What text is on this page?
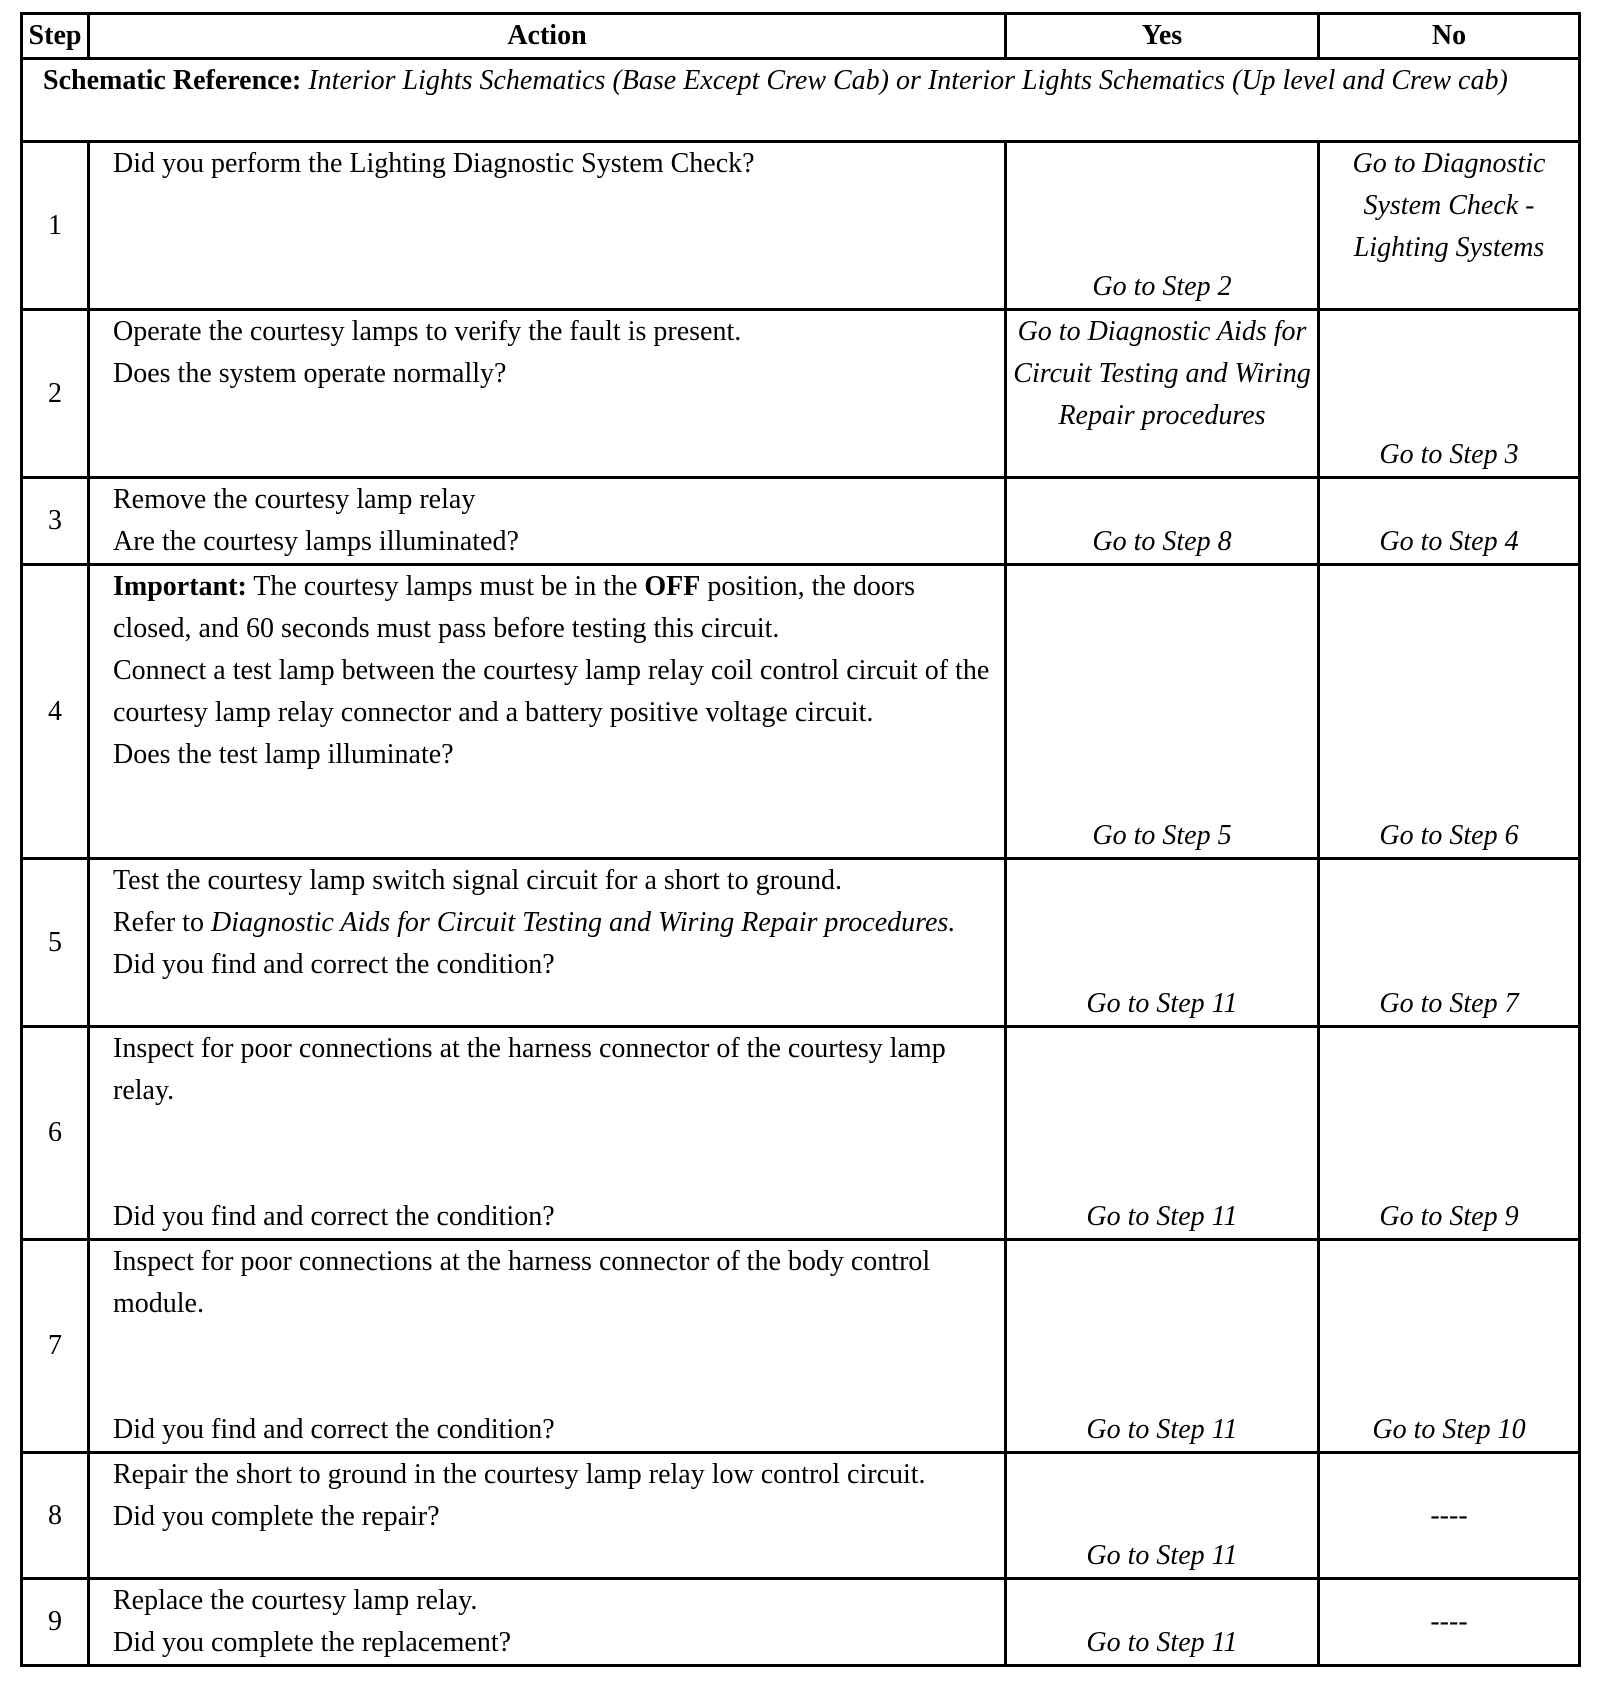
Step	Action	Yes	No
Schematic Reference: Interior Lights Schematics (Base Except Crew Cab) or Interior Lights Schematics (Up level and Crew cab)			
1	Did you perform the Lighting Diagnostic System Check?	Go to Step 2	Go to Diagnostic System Check - Lighting Systems
2	Operate the courtesy lamps to verify the fault is present.
Does the system operate normally?	Go to Diagnostic Aids for Circuit Testing and Wiring Repair procedures	Go to Step 3
3	Remove the courtesy lamp relay
Are the courtesy lamps illuminated?	Go to Step 8	Go to Step 4
4	Important: The courtesy lamps must be in the OFF position, the doors closed, and 60 seconds must pass before testing this circuit.
Connect a test lamp between the courtesy lamp relay coil control circuit of the courtesy lamp relay connector and a battery positive voltage circuit.
Does the test lamp illuminate?	Go to Step 5	Go to Step 6
5	Test the courtesy lamp switch signal circuit for a short to ground.
Refer to Diagnostic Aids for Circuit Testing and Wiring Repair procedures.
Did you find and correct the condition?	Go to Step 11	Go to Step 7
6	Inspect for poor connections at the harness connector of the courtesy lamp relay.
Did you find and correct the condition?	Go to Step 11	Go to Step 9
7	Inspect for poor connections at the harness connector of the body control module.
Did you find and correct the condition?	Go to Step 11	Go to Step 10
8	Repair the short to ground in the courtesy lamp relay low control circuit.
Did you complete the repair?	Go to Step 11	----
9	Replace the courtesy lamp relay.
Did you complete the replacement?	Go to Step 11	----
